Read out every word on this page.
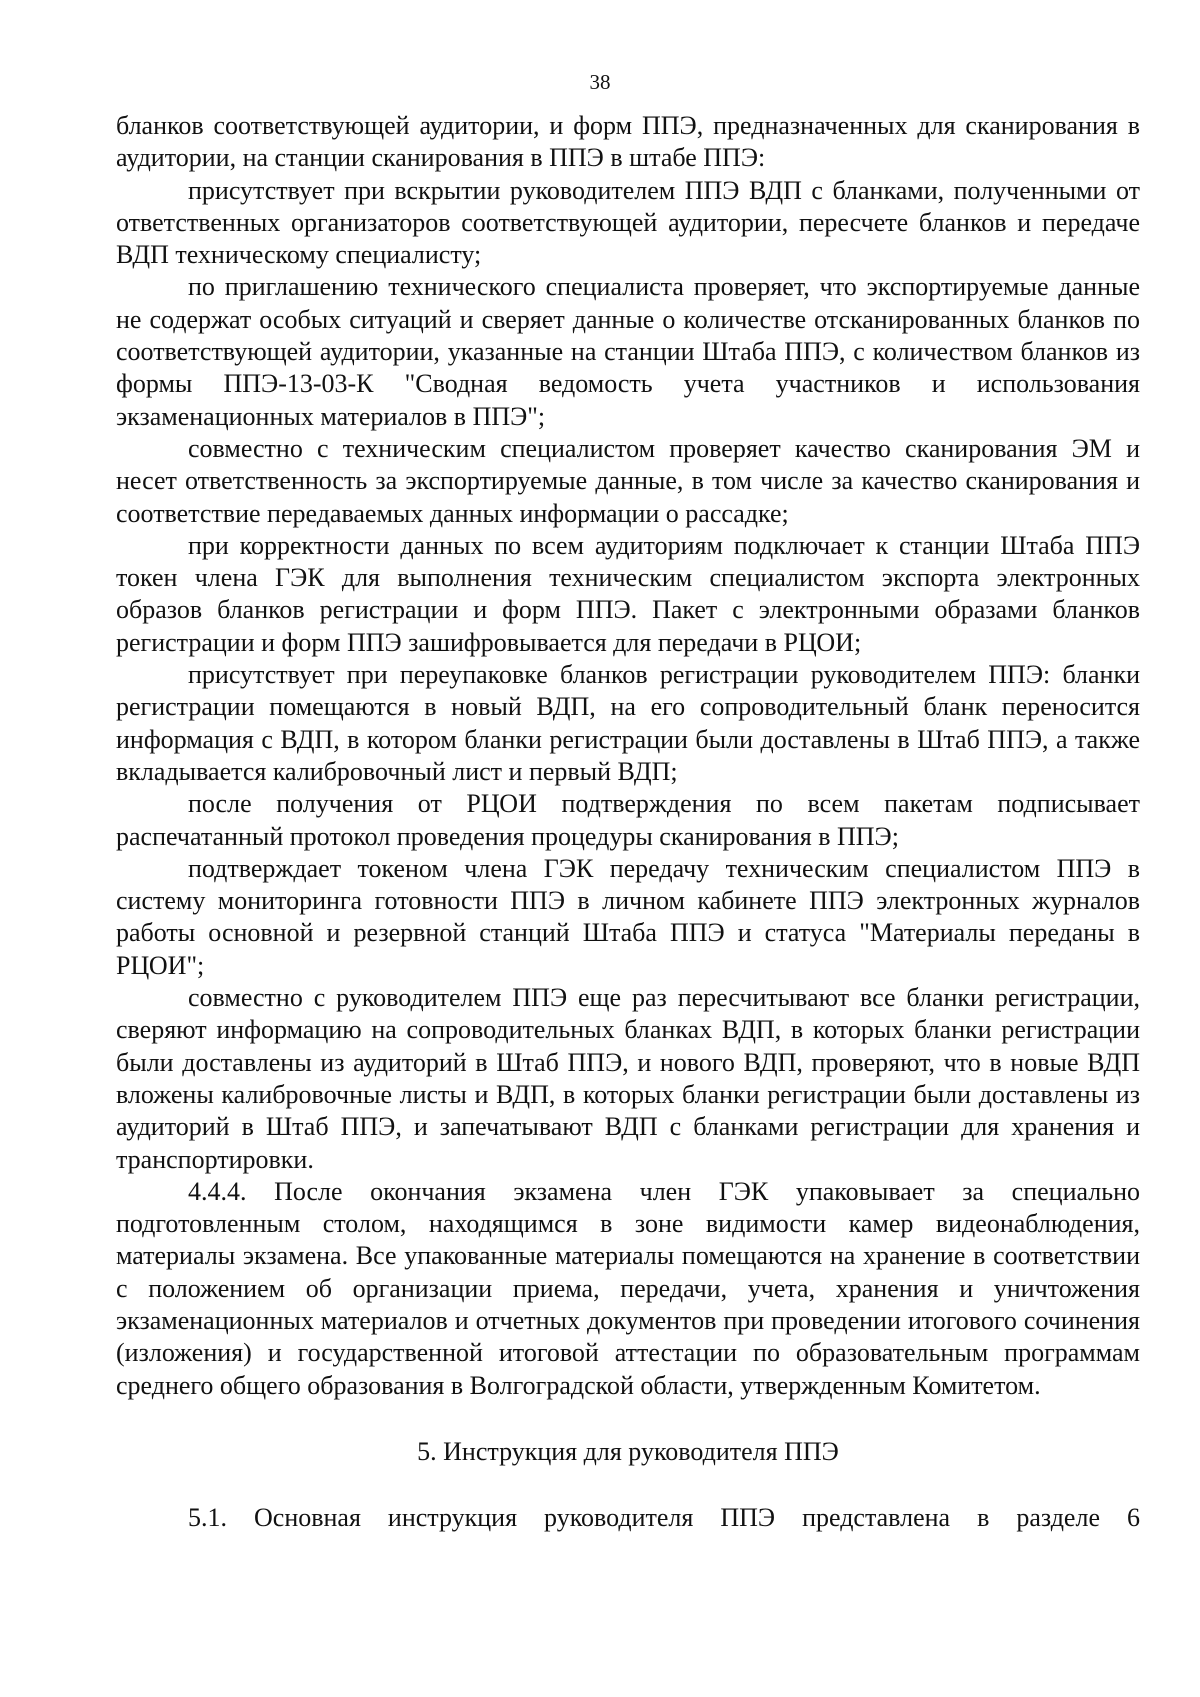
38

бланков соответствующей аудитории, и форм ППЭ, предназначенных для сканирования в аудитории, на станции сканирования в ППЭ в штабе ППЭ:

присутствует при вскрытии руководителем ППЭ ВДП с бланками, полученными от ответственных организаторов соответствующей аудитории, пересчете бланков и передаче ВДП техническому специалисту;

по приглашению технического специалиста проверяет, что экспортируемые данные не содержат особых ситуаций и сверяет данные о количестве отсканированных бланков по соответствующей аудитории, указанные на станции Штаба ППЭ, с количеством бланков из формы ППЭ-13-03-К "Сводная ведомость учета участников и использования экзаменационных материалов в ППЭ";

совместно с техническим специалистом проверяет качество сканирования ЭМ и несет ответственность за экспортируемые данные, в том числе за качество сканирования и соответствие передаваемых данных информации о рассадке;

при корректности данных по всем аудиториям подключает к станции Штаба ППЭ токен члена ГЭК для выполнения техническим специалистом экспорта электронных образов бланков регистрации и форм ППЭ. Пакет с электронными образами бланков регистрации и форм ППЭ зашифровывается для передачи в РЦОИ;

присутствует при переупаковке бланков регистрации руководителем ППЭ: бланки регистрации помещаются в новый ВДП, на его сопроводительный бланк переносится информация с ВДП, в котором бланки регистрации были доставлены в Штаб ППЭ, а также вкладывается калибровочный лист и первый ВДП;

после получения от РЦОИ подтверждения по всем пакетам подписывает распечатанный протокол проведения процедуры сканирования в ППЭ;

подтверждает токеном члена ГЭК передачу техническим специалистом ППЭ в систему мониторинга готовности ППЭ в личном кабинете ППЭ электронных журналов работы основной и резервной станций Штаба ППЭ и статуса "Материалы переданы в РЦОИ";

совместно с руководителем ППЭ еще раз пересчитывают все бланки регистрации, сверяют информацию на сопроводительных бланках ВДП, в которых бланки регистрации были доставлены из аудиторий в Штаб ППЭ, и нового ВДП, проверяют, что в новые ВДП вложены калибровочные листы и ВДП, в которых бланки регистрации были доставлены из аудиторий в Штаб ППЭ, и запечатывают ВДП с бланками регистрации для хранения и транспортировки.

4.4.4. После окончания экзамена член ГЭК упаковывает за специально подготовленным столом, находящимся в зоне видимости камер видеонаблюдения, материалы экзамена. Все упакованные материалы помещаются на хранение в соответствии с положением об организации приема, передачи, учета, хранения и уничтожения экзаменационных материалов и отчетных документов при проведении итогового сочинения (изложения) и государственной итоговой аттестации по образовательным программам среднего общего образования в Волгоградской области, утвержденным Комитетом.

5. Инструкция для руководителя ППЭ

5.1. Основная инструкция руководителя ППЭ представлена в разделе 6
